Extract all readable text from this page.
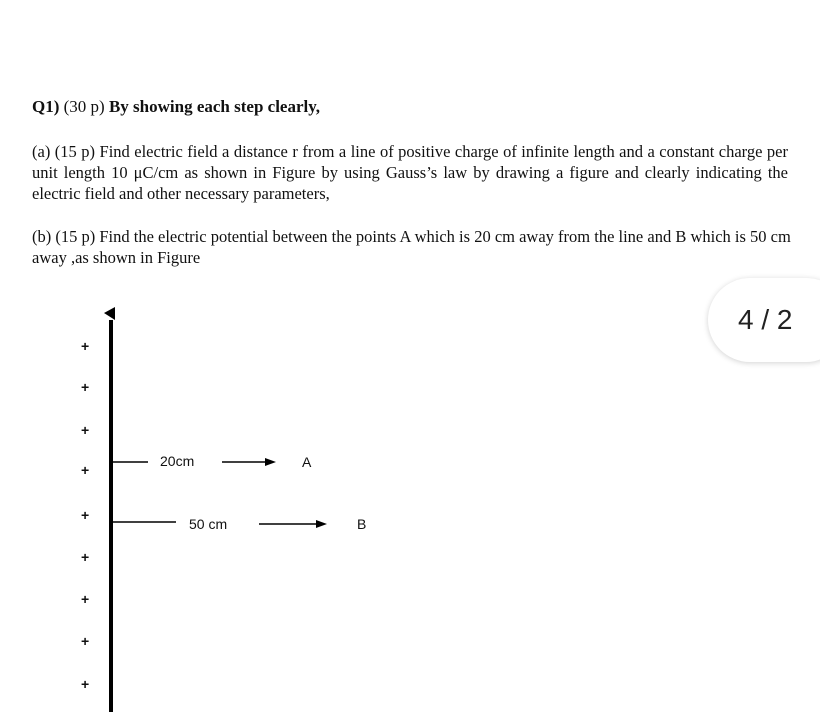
Q1) (30 p) By showing each step clearly,
(a) (15 p) Find electric field a distance r from a line of positive charge of infinite length and a constant charge per unit length 10 μC/cm as shown in Figure by using Gauss’s law by drawing a figure and clearly indicating the electric field and other necessary parameters,
(b) (15 p) Find the electric potential between the points A which is 20 cm away from the line and B which is 50 cm away ,as shown in Figure
+
+
+
+
+
+
+
+
+
20cm	A
50 cm	B
4 / 2
